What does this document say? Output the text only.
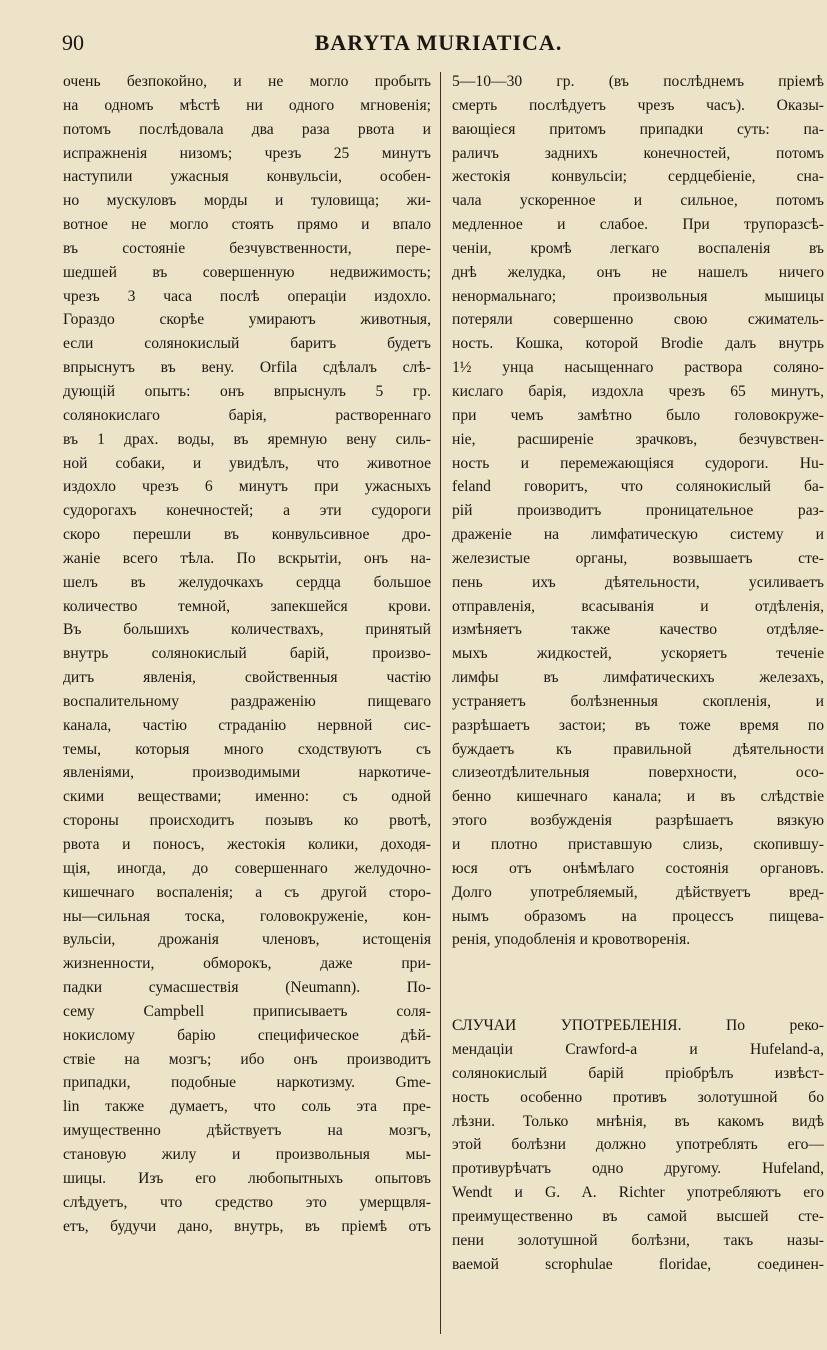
90	BARYTA MURIATICA.
очень безпокойно, и не могло пробыть
на одномъ мѣстѣ ни одного мгновенія;
потомъ послѣдовала два раза рвота и
испражненія низомъ; чрезъ 25 минутъ
наступили ужасныя конвульсіи, особен-
но мускуловъ морды и туловища; жи-
вотное не могло стоять прямо и впало
въ состояніе безчувственности, пере-
шедшей въ совершенную недвижимость;
чрезъ 3 часа послѣ операціи издохло.
Гораздо скорѣе умираютъ животныя,
если солянокислый баритъ будетъ
впрыснутъ въ вену. Orfila сдѣлалъ слѣ-
дующій опытъ: онъ впрыснулъ 5 гр.
солянокислаго барія, раствореннаго
въ 1 драх. воды, въ яремную вену силь-
ной собаки, и увидѣлъ, что животное
издохло чрезъ 6 минутъ при ужасныхъ
судорогахъ конечностей; а эти судороги
скоро перешли въ конвульсивное дро-
жаніе всего тѣла. По вскрытіи, онъ на-
шелъ въ желудочкахъ сердца большое
количество темной, запекшейся крови.
Въ большихъ количествахъ, принятый
внутрь солянокислый барій, произво-
дитъ явленія, свойственныя частію
воспалительному раздраженію пищеваго
канала, частію страданію нервной сис-
темы, которыя много сходствуютъ съ
явленіями, производимыми наркотиче-
скими веществами; именно: съ одной
стороны происходитъ позывъ ко рвотѣ,
рвота и поносъ, жестокія колики, доходя-
щія, иногда, до совершеннаго желудочно-
кишечнаго воспаленія; а съ другой сторо-
ны—сильная тоска, головокруженіе, кон-
вульсіи, дрожанія членовъ, истощенія
жизненности, обморокъ, даже при-
падки сумасшествія (Neumann). По-
сему Campbell приписываетъ соля-
нокислому барію специфическое дѣй-
ствіе на мозгъ; ибо онъ производитъ
припадки, подобные наркотизму. Gme-
lin также думаетъ, что соль эта пре-
имущественно дѣйствуетъ на мозгъ,
становую жилу и произвольныя мы-
шицы. Изъ его любопытныхъ опытовъ
слѣдуетъ, что средство это умерщвля-
етъ, будучи дано, внутрь, въ пріемѣ отъ
5—10—30 гр. (въ послѣднемъ пріемѣ
смерть послѣдуетъ чрезъ часъ). Оказы-
вающіеся притомъ припадки суть: па-
раличъ заднихъ конечностей, потомъ
жестокія конвульсіи; сердцебіеніе, сна-
чала ускоренное и сильное, потомъ
медленное и слабое. При трупоразсѣ-
ченіи, кромѣ легкаго воспаленія въ
днѣ желудка, онъ не нашелъ ничего
ненормальнаго; произвольныя мышицы
потеряли совершенно свою сжиматель-
ность. Кошка, которой Brodie далъ внутрь
1½ унца насыщеннаго раствора соляно-
кислаго барія, издохла чрезъ 65 минутъ,
при чемъ замѣтно было головокруже-
ніе, расширеніе зрачковъ, безчувствен-
ность и перемежающіяся судороги. Hu-
feland говоритъ, что солянокислый ба-
рій производитъ проницательное раз-
драженіе на лимфатическую систему и
железистые органы, возвышаетъ сте-
пень ихъ дѣятельности, усиливаетъ
отправленія, всасыванія и отдѣленія,
измѣняетъ также качество отдѣляе-
мыхъ жидкостей, ускоряетъ теченіе
лимфы въ лимфатическихъ железахъ,
устраняетъ болѣзненныя скопленія, и
разрѣшаетъ застои; въ тоже время по
буждаетъ къ правильной дѣятельности
слизеотдѣлительныя поверхности, осо-
бенно кишечнаго канала; и въ слѣдствіе
этого возбужденія разрѣшаетъ вязкую
и плотно приставшую слизь, скопившу-
юся отъ онѣмѣлаго состоянія органовъ.
Долго употребляемый, дѣйствуетъ вред-
нымъ образомъ на процессъ пищева-
ренія, уподобленія и кровотворенія.
СЛУЧАИ УПОТРЕБЛЕНІЯ. По реко-
мендаціи Crawford-а и Hufeland-а,
солянокислый барій пріобрѣлъ извѣст-
ность особенно противъ золотушной бо
лѣзни. Только мнѣнія, въ какомъ видѣ
этой болѣзни должно употреблять его—
противурѣчатъ одно другому. Hufeland,
Wendt и G. A. Richter употребляютъ его
преимущественно въ самой высшей сте-
пени золотушной болѣзни, такъ назы-
ваемой scrophulae floridae, соединен-
